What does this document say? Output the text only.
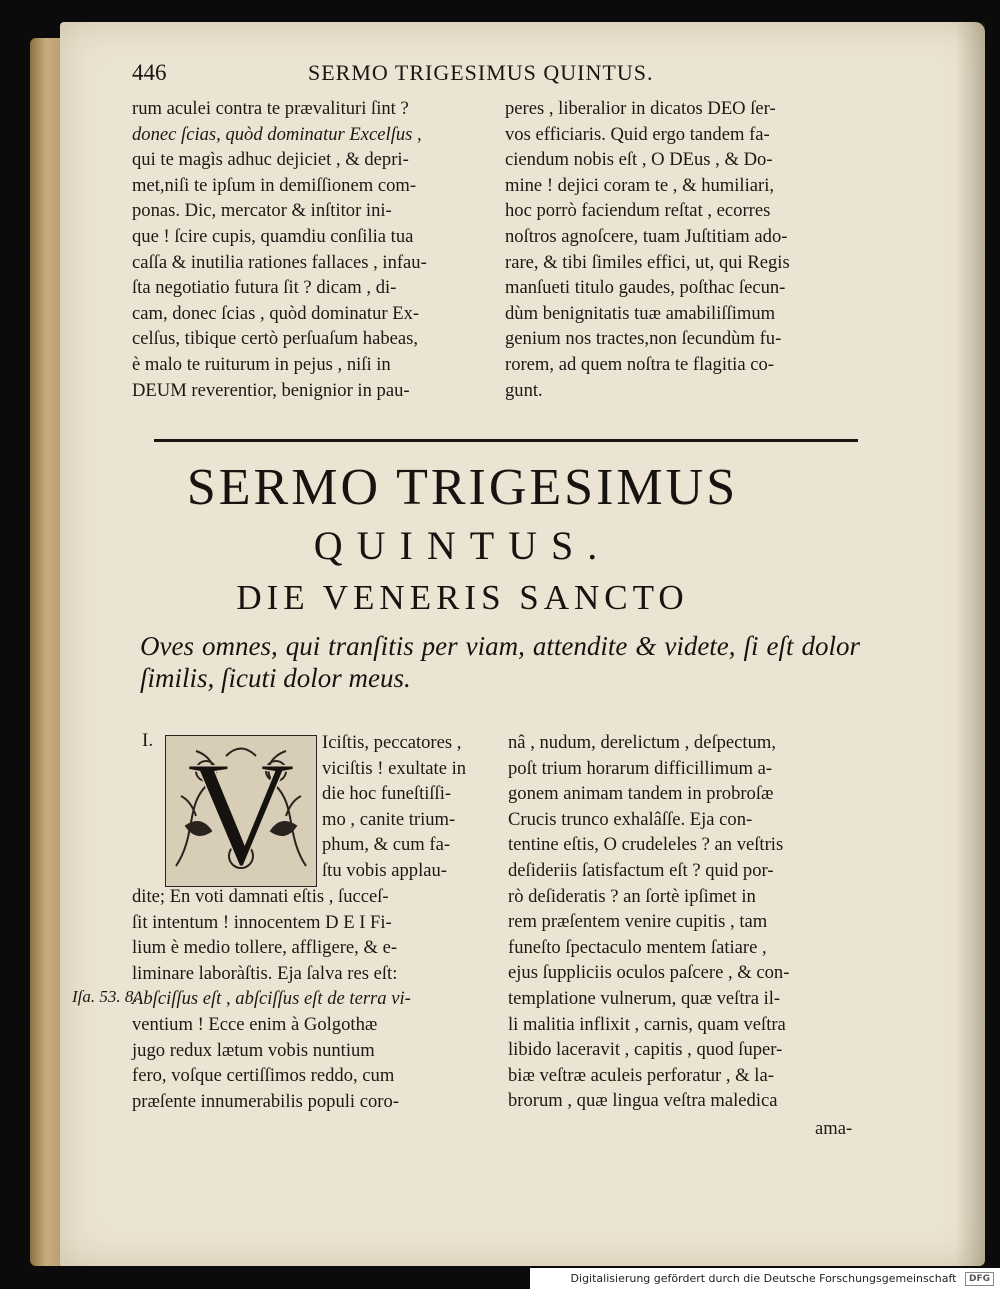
446	SERMO TRIGESIMUS QUINTUS.

rum aculei contra te prævalituri ſint ?

donec ſcias, quòd dominatur Excelſus ,

qui te magìs adhuc dejiciet , & depri-

met,niſi te ipſum in demiſſionem com-

ponas. Dic, mercator & inſtitor ini-

que ! ſcire cupis, quamdiu conſilia tua

caſſa & inutilia rationes fallaces , infau-

ſta negotiatio futura ſit ? dicam , di-

cam, donec ſcias , quòd dominatur Ex-

celſus, tibique certò perſuaſum habeas,

è malo te ruiturum in pejus , niſi in

DEUM reverentior, benignior in pau-

peres , liberalior in dicatos DEO ſer-

vos efficiaris. Quid ergo tandem fa-

ciendum nobis eſt , O DEus , & Do-

mine ! dejici coram te , & humiliari,

hoc porrò faciendum reſtat , ecorres

noſtros agnoſcere, tuam Juſtitiam ado-

rare, & tibi ſimiles effici, ut, qui Regis

manſueti titulo gaudes, poſthac ſecun-

dùm benignitatis tuæ amabiliſſimum

genium nos tractes,non ſecundùm fu-

rorem, ad quem noſtra te flagitia co-

gunt.

SERMO TRIGESIMUS
QUINTUS.
DIE VENERIS SANCTO
Oves omnes, qui tranſitis per viam, attendite & videte, ſi eſt dolor ſimilis, ſicuti dolor meus.
I. V Iciſtis, peccatores ,

viciſtis ! exultate in

die hoc funeſtiſſi-

mo , canite trium-

phum, & cum fa-

ſtu vobis applau-

dite; En voti damnati eſtis , ſucceſ-

ſit intentum ! innocentem D E I Fi-

lium è medio tollere, affligere, & e-

liminare laboràſtis. Eja ſalva res eſt:

Abſciſſus eſt , abſciſſus eſt de terra vi-

ventium ! Ecce enim à Golgothæ

jugo redux lætum vobis nuntium

fero, voſque certiſſimos reddo, cum

præſente innumerabilis populi coro-

Iſa. 53. 8.

nâ , nudum, derelictum , deſpectum,

poſt trium horarum difficillimum a-

gonem animam tandem in probroſæ

Crucis trunco exhalâſſe. Eja con-

tentine eſtis, O crudeleles ? an veſtris

deſideriis ſatisfactum eſt ? quid por-

rò deſideratis ? an ſortè ipſimet in

rem præſentem venire cupitis , tam

funeſto ſpectaculo mentem ſatiare ,

ejus ſuppliciis oculos paſcere , & con-

templatione vulnerum, quæ veſtra il-

li malitia inflixit , carnis, quam veſtra

libido laceravit , capitis , quod ſuper-

biæ veſtræ aculeis perforatur , & la-

brorum , quæ lingua veſtra maledica

ama-
Digitalisierung gefördert durch die Deutsche Forschungsgemeinschaft DFG
